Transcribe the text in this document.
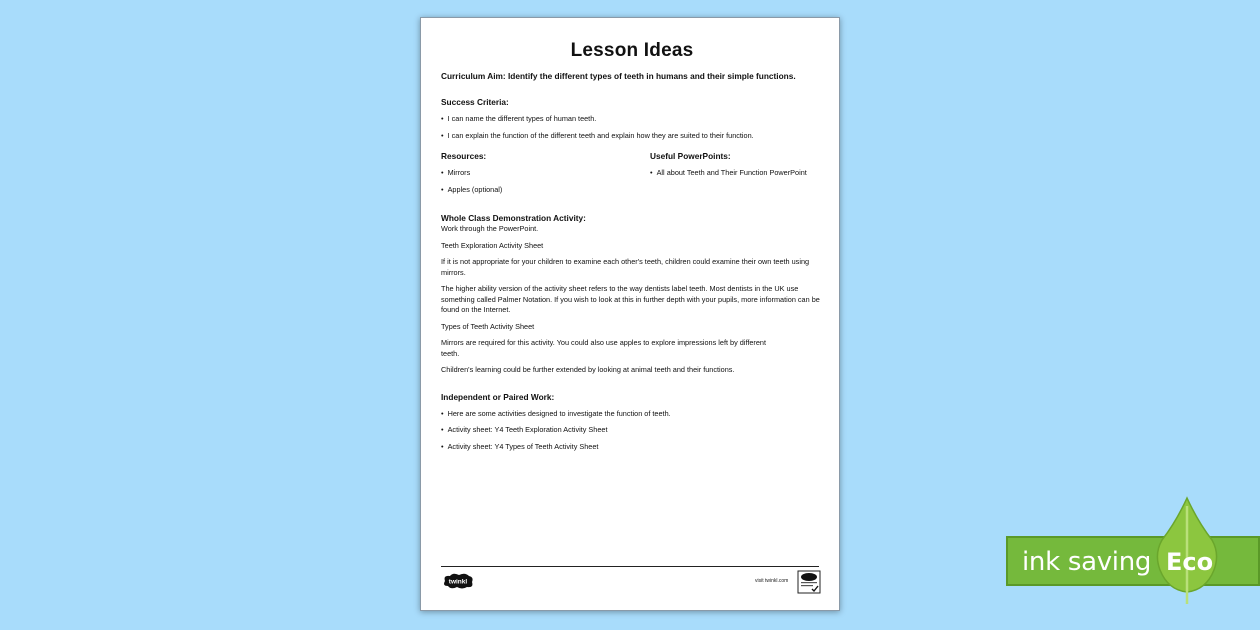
Lesson Ideas
Curriculum Aim: Identify the different types of teeth in humans and their simple functions.
Success Criteria:
• I can name the different types of human teeth.
• I can explain the function of the different teeth and explain how they are suited to their function.
Resources:
• Mirrors
• Apples (optional)
Useful PowerPoints:
• All about Teeth and Their Function PowerPoint
Whole Class Demonstration Activity:
Work through the PowerPoint.
Teeth Exploration Activity Sheet
If it is not appropriate for your children to examine each other's teeth, children could examine their own teeth using mirrors.
The higher ability version of the activity sheet refers to the way dentists label teeth. Most dentists in the UK use something called Palmer Notation. If you wish to look at this in further depth with your pupils, more information can be found on the Internet.
Types of Teeth Activity Sheet
Mirrors are required for this activity. You could also use apples to explore impressions left by different teeth.
Children's learning could be further extended by looking at animal teeth and their functions.
Independent or Paired Work:
• Here are some activities designed to investigate the function of teeth.
• Activity sheet: Y4 Teeth Exploration Activity Sheet
• Activity sheet: Y4 Types of Teeth Activity Sheet
twinkl	visit twinkl.com
ink saving Eco
